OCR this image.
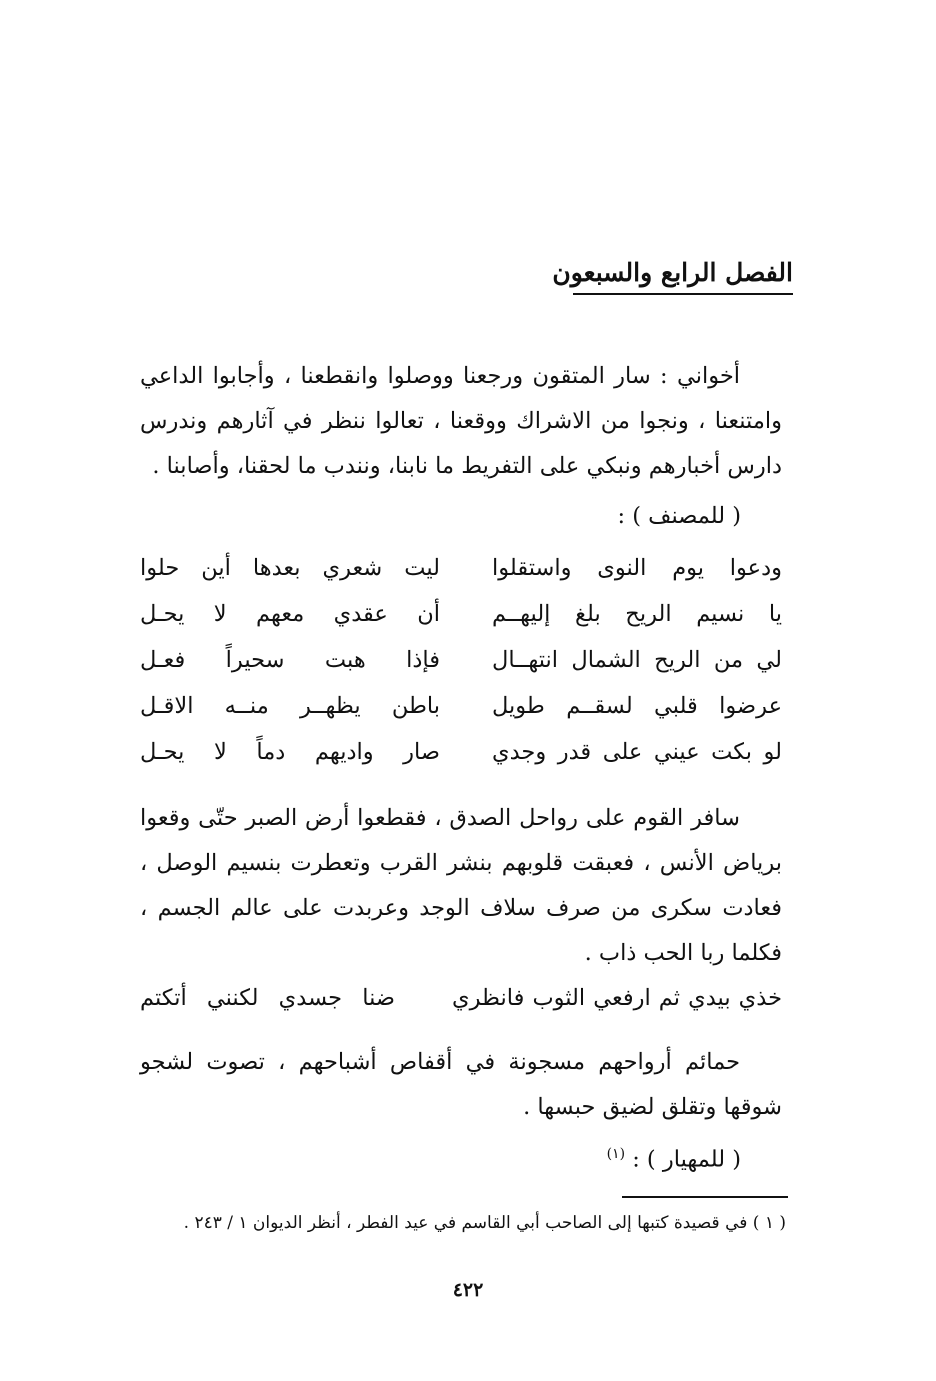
الفصل الرابع والسبعون

أخواني : سار المتقون ورجعنا ووصلوا وانقطعنا ، وأجابوا الداعي وامتنعنا ، ونجوا من الاشراك ووقعنا ، تعالوا ننظر في آثارهم وندرس دارس أخبارهم ونبكي على التفريط ما نابنا، ونندب ما لحقنا، وأصابنا .

( للمصنف ) :
ودعوا يوم النوى واستقلوا
ليت شعري بعدها أين حلوا
يا نسيم الريح بلغ إليهــم
أن عقدي معهم لا يحـل
لي من الريح الشمال انتهــال
فإذا هبت سحيراً فعـل
عرضوا قلبي لسقــم طويل
باطن يظهــر منــه الاقـل
لو بكت عيني على قدر وجدي
صار واديهم دماً لا يحـل

سافر القوم على رواحل الصدق ، فقطعوا أرض الصبر حتّى وقعوا برياض الأنس ، فعبقت قلوبهم بنشر القرب وتعطرت بنسيم الوصل ، فعادت سكرى من صرف سلاف الوجد وعربدت على عالم الجسم ، فكلما ربا الحب ذاب .

خذي بيدي ثم ارفعي الثوب فانظري
ضنا جسدي لكنني أتكتم

حمائم أرواحهم مسجونة في أقفاص أشباحهم ، تصوت لشجو شوقها وتقلق لضيق حبسها .

( للمهيار ) : $^{(١)}$
( ١ ) في قصيدة كتبها إلى الصاحب أبي القاسم في عيد الفطر ، أنظر الديوان ١ / ٢٤٣ .
٤٢٢
